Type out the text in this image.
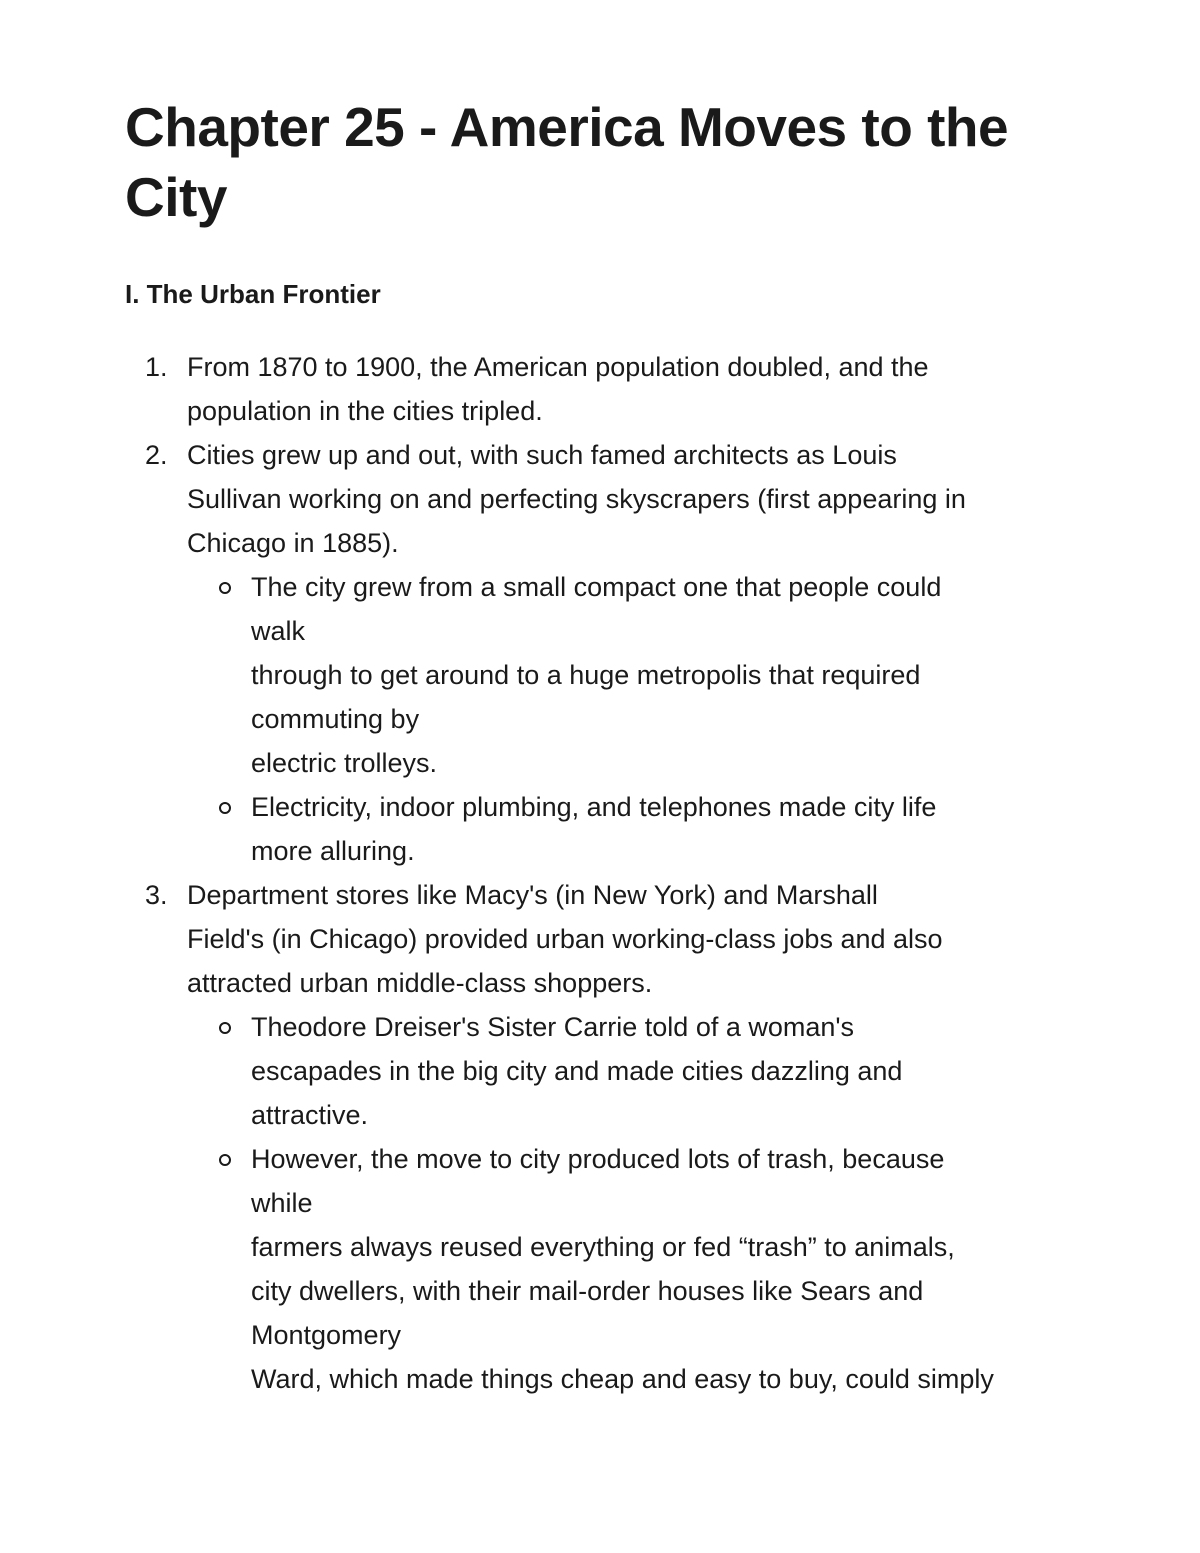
Chapter 25 - America Moves to the
City
I. The Urban Frontier
1. From 1870 to 1900, the American population doubled, and the
population in the cities tripled.
2. Cities grew up and out, with such famed architects as Louis
Sullivan working on and perfecting skyscrapers (first appearing in
Chicago in 1885).
The city grew from a small compact one that people could
walk
through to get around to a huge metropolis that required
commuting by
electric trolleys.
Electricity, indoor plumbing, and telephones made city life
more alluring.
3. Department stores like Macy's (in New York) and Marshall
Field's (in Chicago) provided urban working-class jobs and also
attracted urban middle-class shoppers.
Theodore Dreiser's Sister Carrie told of a woman's
escapades in the big city and made cities dazzling and
attractive.
However, the move to city produced lots of trash, because
while
farmers always reused everything or fed “trash” to animals,
city dwellers, with their mail-order houses like Sears and
Montgomery
Ward, which made things cheap and easy to buy, could simply
